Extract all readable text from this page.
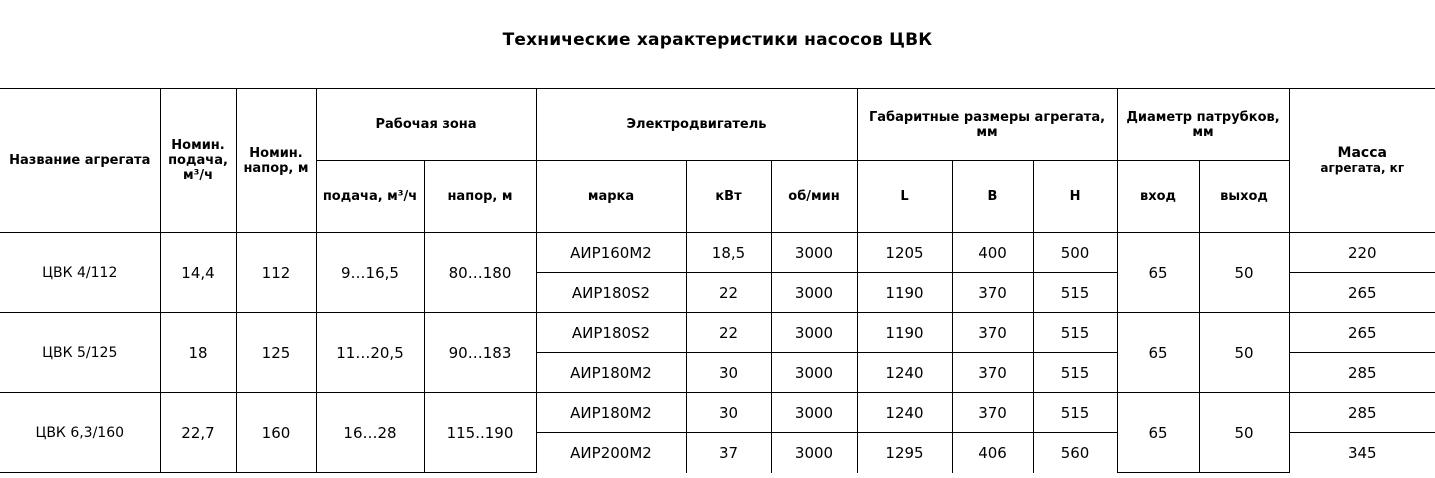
Технические характеристики насосов ЦВК
Название агрегата	Номин. подача, м³/ч	Номин. напор, м	Рабочая зона		Электродвигатель			Габаритные размеры агрегата, мм			Диаметр патрубков, мм		Масса
агрегата, кг

			подача, м³/ч	напор, м	марка	кВт	об/мин	L	B	H	вход	выход	
ЦВК 4/112	14,4	112	9…16,5	80…180	АИР160М2	18,5	3000	1205	400	500	65	50	220
					АИР180S2	22	3000	1190	370	515			265
ЦВК 5/125	18	125	11…20,5	90…183	АИР180S2	22	3000	1190	370	515	65	50	265
					АИР180М2	30	3000	1240	370	515			285
ЦВК 6,3/160	22,7	160	16…28	115..190	АИР180М2	30	3000	1240	370	515	65	50	285
					АИР200М2	37	3000	1295	406	560			345
